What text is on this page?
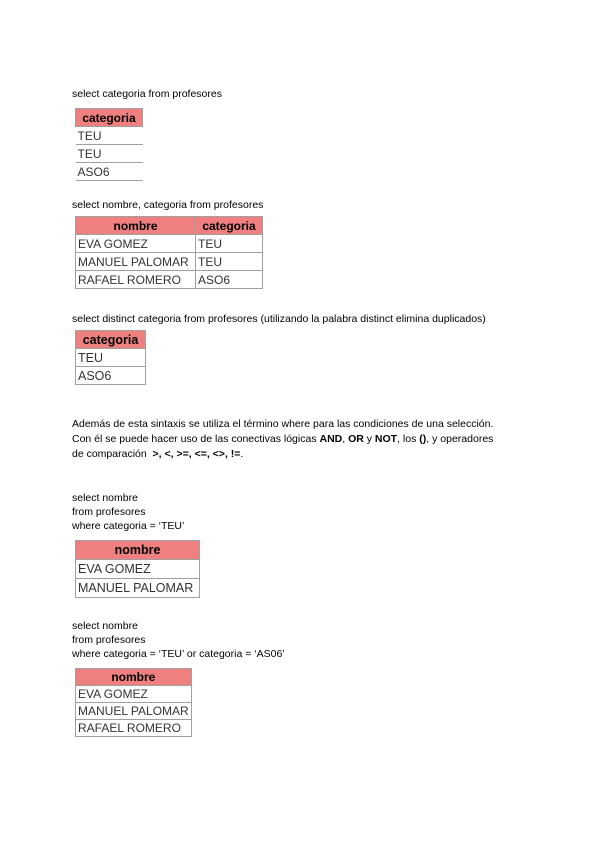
select categoria from profesores
categoria
TEU
TEU
ASO6
select nombre, categoria from profesores
nombre	categoria
EVA GOMEZ	TEU
MANUEL PALOMAR	TEU
RAFAEL ROMERO	ASO6
select distinct categoria from profesores (utilizando la palabra distinct elimina duplicados)
categoria
TEU
ASO6
Además de esta sintaxis se utiliza el término where para las condiciones de una selección.
Con él se puede hacer uso de las conectivas lógicas AND, OR y NOT, los (), y operadores
de comparación  >, <, >=, <=, <>, !=.
select nombre
from profesores
where categoria = ‘TEU’
nombre
EVA GOMEZ
MANUEL PALOMAR
select nombre
from profesores
where categoria = ‘TEU’ or categoria = ‘AS06’
nombre
EVA GOMEZ
MANUEL PALOMAR
RAFAEL ROMERO
